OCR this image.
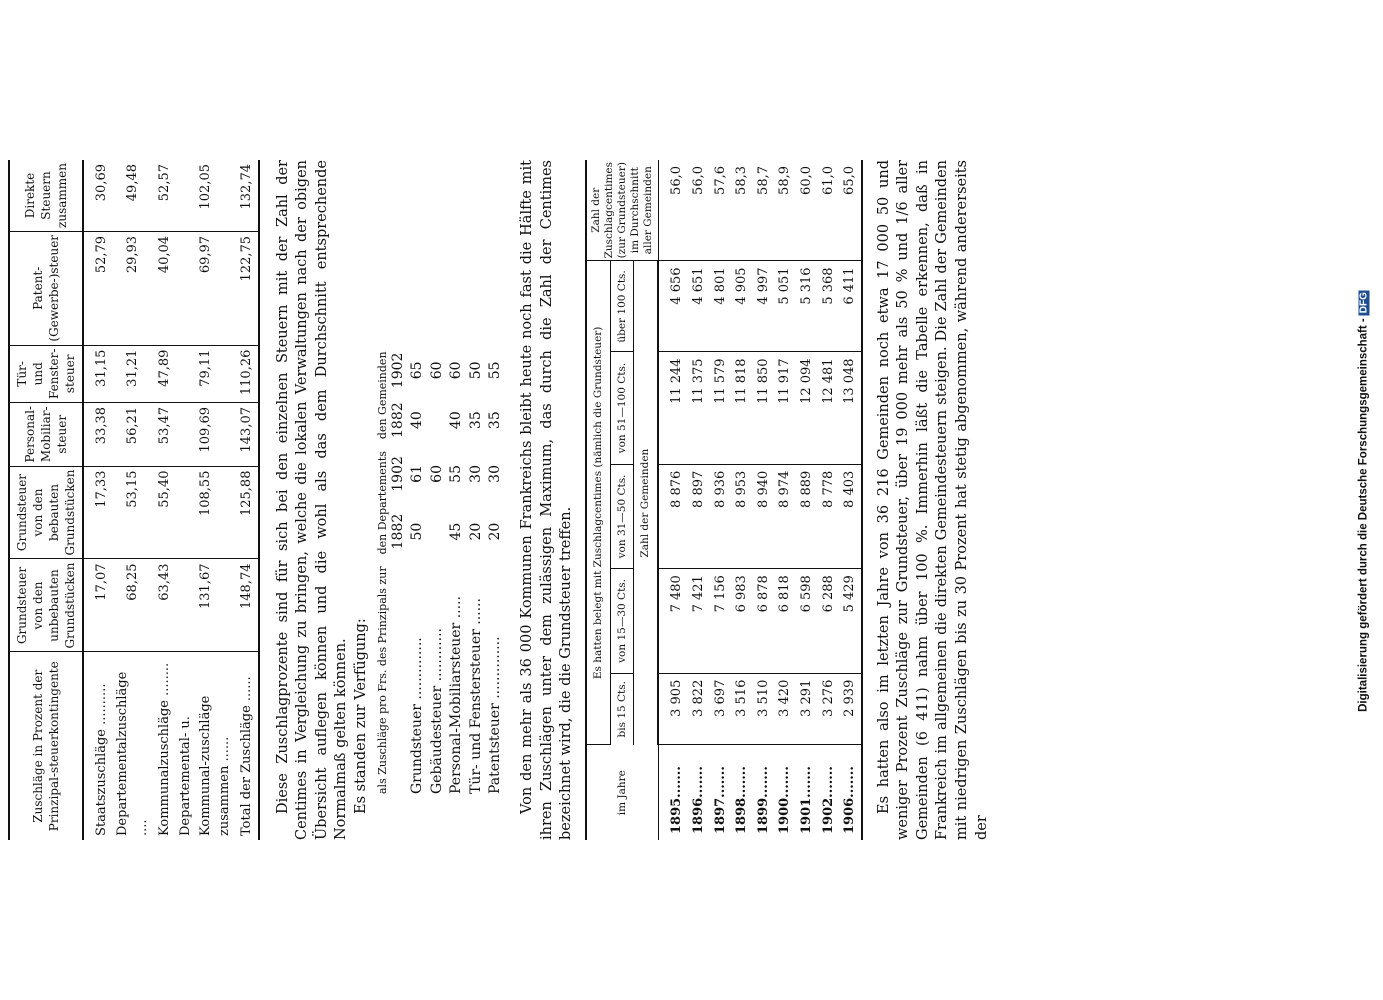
Zuschläge in Prozent der Prinzipal-steuerkontingente	Grundsteuer von den unbebauten Grundstücken	Grundsteuer von den bebauten Grundstücken	Personal-Mobiliar-steuer	Tür- und Fenster-steuer	Patent-(Gewerbe-)steuer	Direkte Steuern zusammen
Staatszuschläge ..........	17,07	17,33	33,38	31,15	52,79	30,69
Departementalzuschläge ....	68,25	53,15	56,21	31,21	29,93	49,48
Kommunalzuschläge ........	63,43	55,40	53,47	47,89	40,04	52,57
Departemental- u. Kommunal-zuschläge zusammen ......	131,67	108,55	109,69	79,11	69,97	102,05
Total der Zuschläge ......	148,74	125,88	143,07	110,26	122,75	132,74 Diese Zuschlagprozente sind für sich bei den einzelnen Steuern mit der Zahl der Centimes in Vergleichung zu bringen, welche die lokalen Verwaltungen nach der obigen Übersicht auflegen können und die wohl als das dem Durchschnitt entsprechende Normalmaß gelten können. Es standen zur Verfügung: als Zuschläge pro Frs. des Prinzipals zur	den Departements		den Gemeinden	
	1882	1902	1882	1902
Grundsteuer ..............	50	61	40	65
Gebäudesteuer ............		60		60
Personal-Mobiliarsteuer .....	45	55	40	60
Tür- und Fenstersteuer ......	20	30	35	50
Patentsteuer ..............	20	30	35	55 Von den mehr als 36 000 Kommunen Frankreichs bleibt heute noch fast die Hälfte mit ihren Zuschlägen unter dem zulässigen Maximum, das durch die Zahl der Centimes bezeichnet wird, die die Grundsteuer treffen.	im Jahre	Es hatten belegt mit Zuschlagcentimes (nämlich die Grundsteuer)					Zahl der Zuschlagcentimes (zur Grundsteuer) im Durchschnitt aller Gemeinden
	bis 15 Cts.	von 15—30 Cts.	von 31—50 Cts.	von 51—100 Cts.	über 100 Cts.	
	Zahl der Gemeinden					
1895.......	3 905	7 480	8 876	11 244	4 656	56,0
1896.......	3 822	7 421	8 897	11 375	4 651	56,0
1897.......	3 697	7 156	8 936	11 579	4 801	57,6
1898.......	3 516	6 983	8 953	11 818	4 905	58,3
1899.......	3 510	6 878	8 940	11 850	4 997	58,7
1900.......	3 420	6 818	8 974	11 917	5 051	58,9
1901.......	3 291	6 598	8 889	12 094	5 316	60,0
1902.......	3 276	6 288	8 778	12 481	5 368	61,0
1906.......	2 939	5 429	8 403	13 048	6 411	65,0 Es hatten also im letzten Jahre von 36 216 Gemeinden noch etwa 17 000 50 und weniger Prozent Zuschläge zur Grundsteuer, über 19 000 mehr als 50 % und 1/6 aller Gemeinden (6 411) nahm über 100 %. Immerhin läßt die Tabelle erkennen, daß in Frankreich im allgemeinen die direkten Gemeindesteuern steigen. Die Zahl der Gemeinden mit niedrigen Zuschlägen bis zu 30 Prozent hat stetig abgenommen, während andererseits der

Digitalisierung gefördert durch die Deutsche Forschungsgemeinschaft -DFG
